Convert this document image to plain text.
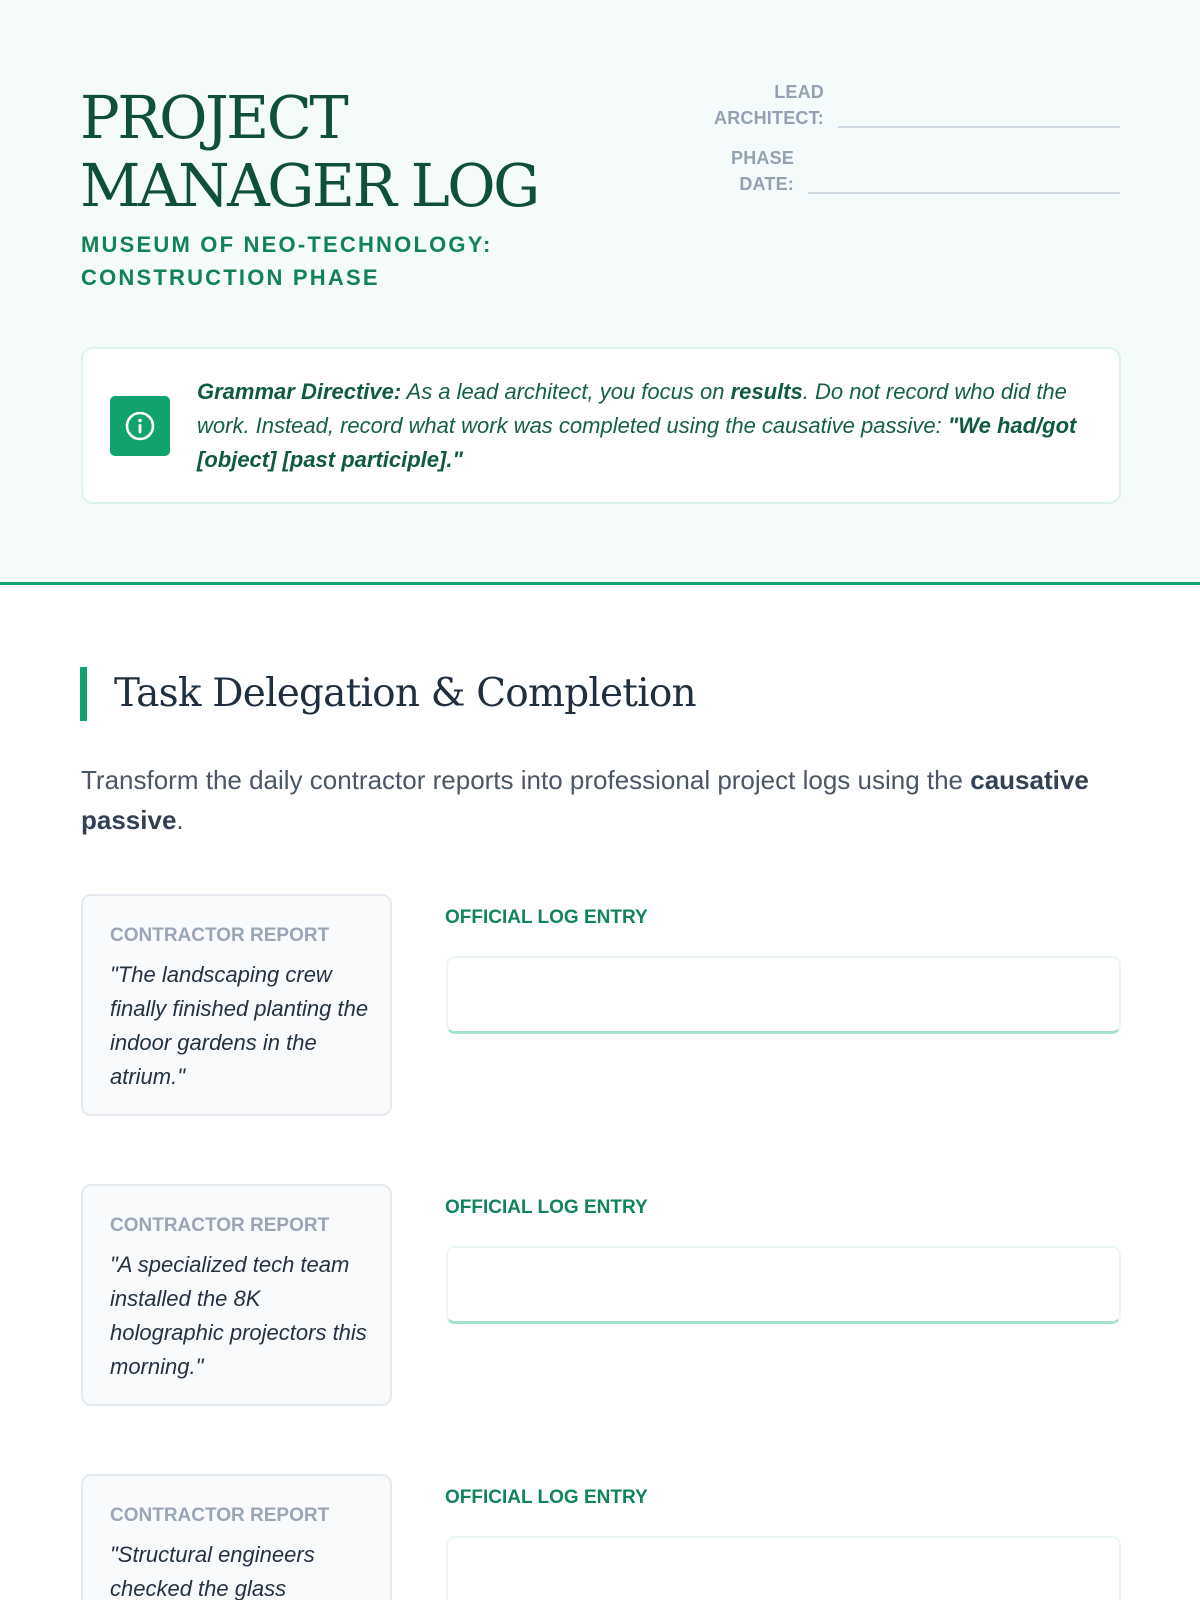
PROJECT MANAGER LOG
MUSEUM OF NEO-TECHNOLOGY: CONSTRUCTION PHASE
LEAD ARCHITECT:
PHASE DATE:

Grammar Directive: As a lead architect, you focus on results. Do not record who did the work. Instead, record what work was completed using the causative passive: "We had/got [object] [past participle]."

Task Delegation & Completion

Transform the daily contractor reports into professional project logs using the causative passive.

CONTRACTOR REPORT
"The landscaping crew finally finished planting the indoor gardens in the atrium."
OFFICIAL LOG ENTRY
CONTRACTOR REPORT
"A specialized tech team installed the 8K holographic projectors this morning."
OFFICIAL LOG ENTRY
CONTRACTOR REPORT
"Structural engineers checked the glass
OFFICIAL LOG ENTRY
